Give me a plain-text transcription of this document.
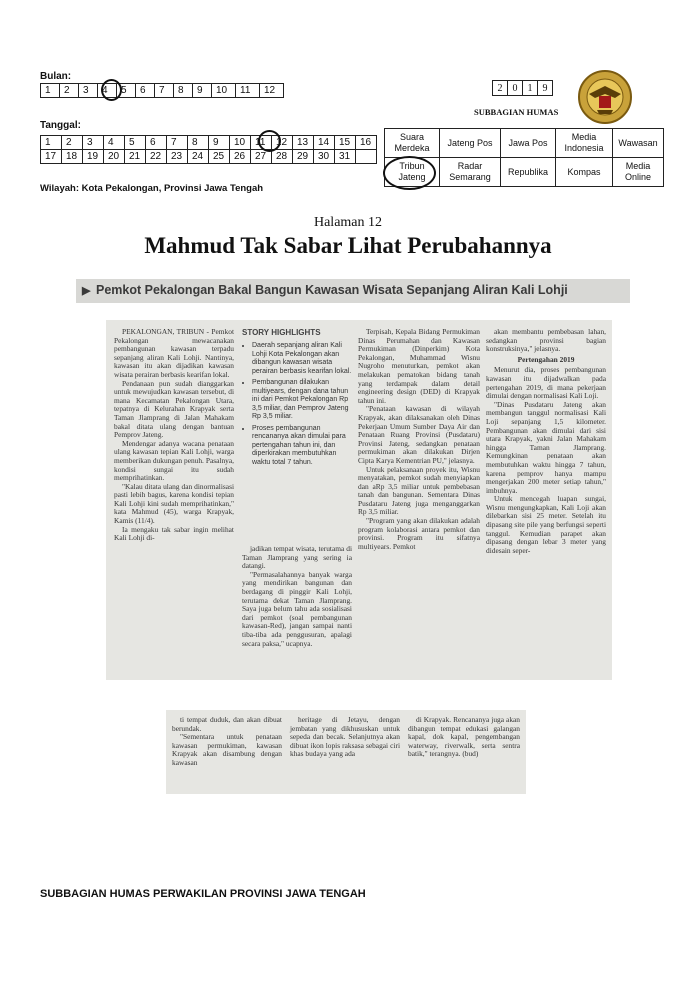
Bulan:
1	2	3	4	5	6	7	8	9	10	11	12
Tanggal:
1	2	3	4	5	6	7	8	9	10	11	12	13	14	15	16
17	18	19	20	21	22	23	24	25	26	27	28	29	30	31	
Wilayah: Kota Pekalongan, Provinsi Jawa Tengah
2	0	1	9
SUBBAGIAN HUMAS
Suara Merdeka	Jateng Pos	Jawa Pos	Media Indonesia	Wawasan
Tribun Jateng	Radar Semarang	Republika	Kompas	Media Online
Halaman 12
Mahmud Tak Sabar Lihat Perubahannya
▶ Pemkot Pekalongan Bakal Bangun Kawasan Wisata Sepanjang Aliran Kali Lohji

PEKALONGAN, TRIBUN - Pemkot Pekalongan mewacanakan pembangunan kawasan terpadu sepanjang aliran Kali Lohji. Nantinya, kawasan itu akan dijadikan kawasan wisata perairan berbasis kearifan lokal.

Pendanaan pun sudah dianggarkan untuk mewujudkan kawasan tersebut, di mana Kecamatan Pekalongan Utara, tepatnya di Kelurahan Krapyak serta Taman Jlamprang di Jalan Mahakam bakal ditata ulang dengan bantuan Pemprov Jateng.

Mendengar adanya wacana penataan ulang kawasan tepian Kali Lohji, warga memberikan dukungan penuh. Pasalnya, kondisi sungai itu sudah memprihatinkan.

"Kalau ditata ulang dan dinormalisasi pasti lebih bagus, karena kondisi tepian Kali Lohji kini sudah memprihatinkan," kata Mahmud (45), warga Krapyak, Kamis (11/4).

Ia mengaku tak sabar ingin melihat Kali Lohji di-

STORY HIGHLIGHTS
• Daerah sepanjang aliran Kali Lohji Kota Pekalongan akan dibangun kawasan wisata perairan berbasis kearifan lokal.
• Pembangunan dilakukan multiyears, dengan dana tahun ini dari Pemkot Pekalongan Rp 3,5 miliar, dan Pemprov Jateng Rp 3,5 miliar.
• Proses pembangunan rencananya akan dimulai para pertengahan tahun ini, dan diperkirakan membutuhkan waktu total 7 tahun.

jadikan tempat wisata, terutama di Taman Jlamprang yang sering ia datangi.

"Permasalahannya banyak warga yang mendirikan bangunan dan berdagang di pinggir Kali Lohji, terutama dekat Taman Jlamprang. Saya juga belum tahu ada sosialisasi dari pemkot (soal pembangunan kawasan-Red), jangan sampai nanti tiba-tiba ada penggusuran, apalagi secara paksa," ucapnya.

Terpisah, Kepala Bidang Permukiman Dinas Perumahan dan Kawasan Permukiman (Dinperkim) Kota Pekalongan, Muhammad Wisnu Nugroho menuturkan, pemkot akan melakukan pematokan bidang tanah yang terdampak dalam detail engineering design (DED) di Krapyak tahun ini.

"Penataan kawasan di wilayah Krapyak, akan dilaksanakan oleh Dinas Pekerjaan Umum Sumber Daya Air dan Penataan Ruang Provinsi (Pusdataru) Provinsi Jateng, sedangkan penataan permukiman akan dilakukan Dirjen Cipta Karya Kementrian PU," jelasnya.

Untuk pelaksanaan proyek itu, Wisnu menyatakan, pemkot sudah menyiapkan dan aRp 3,5 miliar untuk pembebasan tanah dan bangunan. Sementara Dinas Pusdataru Jateng juga menganggarkan Rp 3,5 miliar.

"Program yang akan dilakukan adalah program kolaborasi antara pemkot dan provinsi. Program itu sifatnya multiyears. Pemkot

akan membantu pembebasan lahan, sedangkan provinsi bagian konstruksinya," jelasnya.

Pertengahan 2019

Menurut dia, proses pembangunan kawasan itu dijadwalkan pada pertengahan 2019, di mana pekerjaan dimulai dengan normalisasi Kali Loji.

"Dinas Pusdataru Jateng akan membangun tanggul normalisasi Kali Loji sepanjang 1,5 kilometer. Pembangunan akan dimulai dari sisi utara Krapyak, yakni Jalan Mahakam hingga Taman Jlamprang. Kemungkinan penataan akan membutuhkan waktu hingga 7 tahun, karena pemprov hanya mampu mengerjakan 200 meter setiap tahun," imbuhnya.

Untuk mencegah luapan sungai, Wisnu mengungkapkan, Kali Loji akan dilebarkan sisi 25 meter. Setelah itu dipasang site pile yang berfungsi seperti tanggul. Kemudian parapet akan dipasang dengan lebar 3 meter yang didesain seper-

ti tempat duduk, dan akan dibuat berundak.

"Sementara untuk penataan kawasan permukiman, kawasan Krapyak akan disambung dengan kawasan

heritage di Jetayu, dengan jembatan yang dikhususkan untuk sepeda dan becak. Selanjutnya akan dibuat ikon lopis raksasa sebagai ciri khas budaya yang ada

di Krapyak. Rencananya juga akan dibangun tempat edukasi galangan kapal, dok kapal, pengembangan waterway, riverwalk, serta sentra batik," terangnya. (bud)

SUBBAGIAN HUMAS PERWAKILAN PROVINSI JAWA TENGAH
